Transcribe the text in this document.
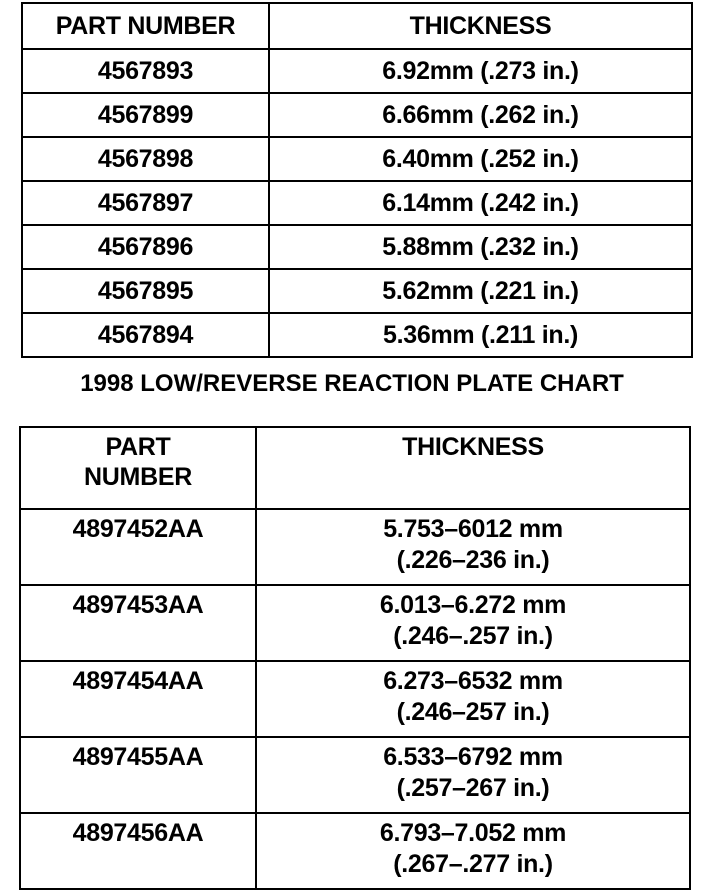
PART NUMBER	THICKNESS
4567893	6.92mm (.273 in.)
4567899	6.66mm (.262 in.)
4567898	6.40mm (.252 in.)
4567897	6.14mm (.242 in.)
4567896	5.88mm (.232 in.)
4567895	5.62mm (.221 in.)
4567894	5.36mm (.211 in.)
1998 LOW/REVERSE REACTION PLATE CHART
PART
NUMBER	THICKNESS
4897452AA	5.753–6012 mm
(.226–236 in.)

4897453AA	6.013–6.272 mm
(.246–.257 in.)

4897454AA	6.273–6532 mm
(.246–257 in.)

4897455AA	6.533–6792 mm
(.257–267 in.)

4897456AA	6.793–7.052 mm
(.267–.277 in.)
